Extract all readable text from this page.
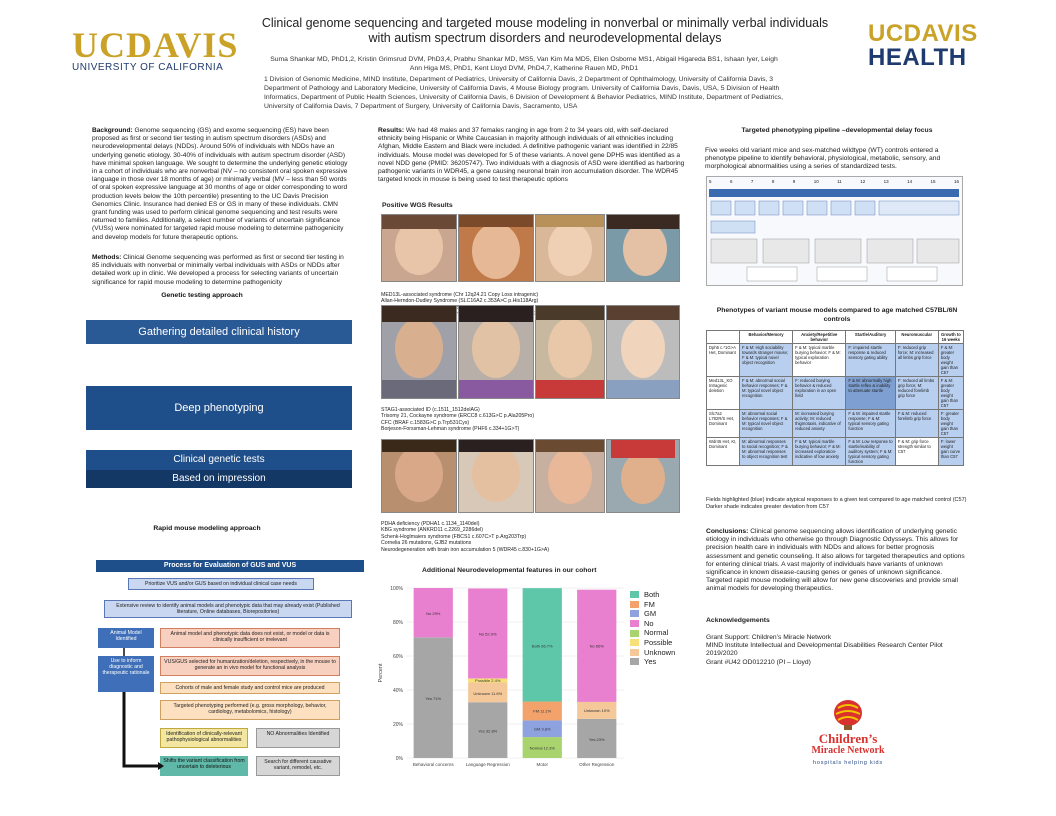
Clinical genome sequencing and targeted mouse modeling in nonverbal or minimally verbal individuals with autism spectrum disorders and neurodevelopmental delays
UCDAVIS
UNIVERSITY OF CALIFORNIA
UCDAVIS
HEALTH
Suma Shankar MD, PhD1,2, Kristin Grimsrud DVM, PhD3,4, Prabhu Shankar MD, MS5, Van Kim Ma MD5, Ellen Osborne MS1, Abigail Higareda BS1, Ishaan Iyer, Leigh Ann Higa MS, PhD1, Kent Lloyd DVM, PhD4,7, Katherine Rauen MD, PhD1
1 Division of Genomic Medicine, MIND Institute, Department of Pediatrics, University of California Davis, 2 Department of Ophthalmology, University of California Davis, 3 Department of Pathology and Laboratory Medicine, University of California Davis, 4 Mouse Biology program. University of California Davis, Davis, USA, 5 Division of Health Informatics, Department of Public Health Sciences, University of California Davis, 6 Division of Development & Behavior Pediatrics, MIND Institute, Department of Pediatrics, University of California Davis, 7 Department of Surgery, University of California Davis, Sacramento, USA
Background: Genome sequencing (GS) and exome sequencing (ES) have been proposed as first or second tier testing in autism spectrum disorders (ASDs) and neurodevelopmental delays (NDDs). Around 50% of individuals with NDDs have an underlying genetic etiology. 30-40% of individuals with autism spectrum disorder (ASD) have minimal spoken language. We sought to determine the underlying genetic etiology in a cohort of individuals who are nonverbal (NV – no consistent oral spoken expressive language in those over 18 months of age) or minimally verbal (MV – less than 50 words of oral spoken expressive language at 30 months of age or older corresponding to word production levels below the 10th percentile) presenting to the UC Davis Precision Genomics Clinic. Insurance had denied ES or GS in many of these individuals. CMN grant funding was used to perform clinical genome sequencing and test results were returned to families. Additionally, a select number of variants of uncertain significance (VUSs) were nominated for targeted rapid mouse modeling to determine pathogenicity and develop models for future therapeutic options.
Methods: Clinical Genome sequencing was performed as first or second tier testing in 85 individuals with nonverbal or minimally verbal individuals with ASDs or NDDs after detailed work up in clinic. We developed a process for selecting variants of uncertain significance for rapid mouse modeling to determine pathogenicity
Genetic testing approach
Gathering detailed clinical history
Deep phenotyping
Clinical genetic tests
Based on impression
Rapid mouse modeling approach
Process for Evaluation of GUS and VUS
Prioritize VUS and/or GUS based on individual clinical case needs
Extensive review to identify animal models and phenotypic data that may already exist (Published literature, Online databases, Biorepositories)
Animal Model Identified
Animal model and phenotypic data does not exist, or model or data is clinically insufficient or irrelevant
Use to inform diagnostic and therapeutic rationale
VUS/GUS selected for humanization/deletion, respectively, in the mouse to generate an in vivo model for functional analysis
Cohorts of male and female study and control mice are produced
Targeted phenotyping performed (e.g. gross morphology, behavior, cardiology, metabolomics, histology)
Identification of clinically-relevant pathophysiological abnormalities
NO Abnormalities Identified
Shifts the variant classification from uncertain to deleterious
Search for different causative variant, remodel, etc.
Results: We had 48 males and 37 females ranging in age from 2 to 34 years old, with self-declared ethnicity being Hispanic or White Caucasian in majority although individuals of all ethnicities including Afghan, Middle Eastern and Black were included. A definitive pathogenic variant was identified in 22/85 individuals. Mouse model was developed for 5 of these variants. A novel gene DPH5 was identified as a novel NDD gene (PMID: 36205747). Two individuals with a diagnosis of ASD were identified as harboring pathogenic variants in WDR45, a gene causing neuronal brain iron accumulation disorder. The WDR45 targeted knock in mouse is being used to test therapeutic options
Positive WGS Results
MED13L-associated syndrome (Chr 12q24.21 Copy Loss intragenic)
Allan-Herndon-Dudley Syndrome (SLC16A2 c.353A>C p.His118Arg)
c.7825C>T
STAG1-associated ID (c.1511_1512delAG)
Trisomy 21, Cockayne syndrome (ERCC8 c.613G>C p.Ala205Pro)
CFC (BRAF c.1583G>C p.Trp531Cys)
Borjeson-Forssman-Lehman syndrome (PHF6 c.334+1G>T)
PDHA deficiency (PDHA1 c.1134_1140del)
KBG syndrome (ANKRD11 c.2269_2286del)
Schenk-Hoglmaiers syndrome (FBCS1 c.607C>T p.Arg203Trp)
Cornelia 26 mutations, GJB2 mutations
Neurodegeneration with brain iron accumulation 5 (WDR45 c.830+1G>A)
Additional Neurodevelopmental features in our cohort
0%
20%
40%
60%
80%
100%
Percent
Behavioral concerns	Language Regression	Motor	Other Regression
Yes 71%
No 29%
Yes 32.8%
Unknown 11.6%
Possible 2.4%
No 52.9%
Normal 12.3%
GM 9.8%
FM 11.1%
Both 66.7%
Yes 23%
Unknown 10%
No 66%
Both
FM
GM
No
Normal
Possible
Unknown
Yes
Targeted phenotyping pipeline –developmental delay focus
Five weeks old variant mice and sex-matched wildtype (WT) controls entered a phenotype pipeline to identify behavioral, physiological, metabolic, sensory, and morphological abnormalities using a series of standardized tests.
5	6	7	8	9	10	11	12	13	14	15	16
Phenotypes of variant mouse models compared to age matched C57BL/6N controls
	Behavior/Memory	Anxiety/Repetitive behavior	Startle/Auditory	Neuromuscular	Growth to 16 weeks
Dph5 c.*1G>A Het, Dominant	F & M: High sociability towards stranger mouse; F & M: typical novel object recognition	F & M: typical marble burying behavior; F & M: typical exploration behavior	F: impaired startle response & reduced sensory gating ability	F: reduced grip force; M: increased all limbs grip force	F & M: greater body weight gain than C57
Med13L_KO Intragenic deletion	F & M: abnormal social behavior responses; F & M: typical novel object recognition	F: reduced burying behavior & reduced exploration in an open field	F & M: abnormally high startle reflex & inability to attenuate startle	F: reduced all limbs grip force; M: reduced forelimb grip force	F & M: greater body weight gain than C57
Slc7a2 L782R/S Het, Dominant	M: abnormal social behavior responses; F & M: typical novel object recognition	M: increased burying activity; M: reduced thigmotaxis, indicative of reduced anxiety	F & M: impaired startle response; F & M: typical sensory gating function	F & M: reduced forelimb grip force	F: greater body weight gain than C57
Wdr45 Het, KI, Dominant	M: abnormal responses to social recognition; F & M: abnormal responses to object recognition test	F & M: typical marble burying behavior; F & M: increased exploration-indicative of low anxiety	F & M: Low response to startle/inability of auditory system; F & M: typical sensory gating function	F & M: grip force strength similar to C57	F: lower weight gain curve than C57
Fields highlighted (blue) indicate atypical responses to a given test compared to age matched control (C57)
Darker shade indicates greater deviation from C57
Conclusions: Clinical genome sequencing allows identification of underlying genetic etiology in individuals who otherwise go through Diagnostic Odysseys. This allows for precision health care in individuals with NDDs and allows for better prognosis assessment and genetic counseling. It also allows for targeted therapeutics and options for entering clinical trials. A vast majority of individuals have variants of unknown significance in known disease-causing genes or genes of unknown significance. Targeted rapid mouse modeling will allow for new gene discoveries and provide small animal models for developing therapeutics.
Acknowledgements
Grant Support: Children’s Miracle Network
MIND Institute Intellectual and Developmental Disabilities Research Center Pilot 2019/2020
Grant #U42 OD012210 (PI – Lloyd)
Children’s
Miracle Network
hospitals helping kids
